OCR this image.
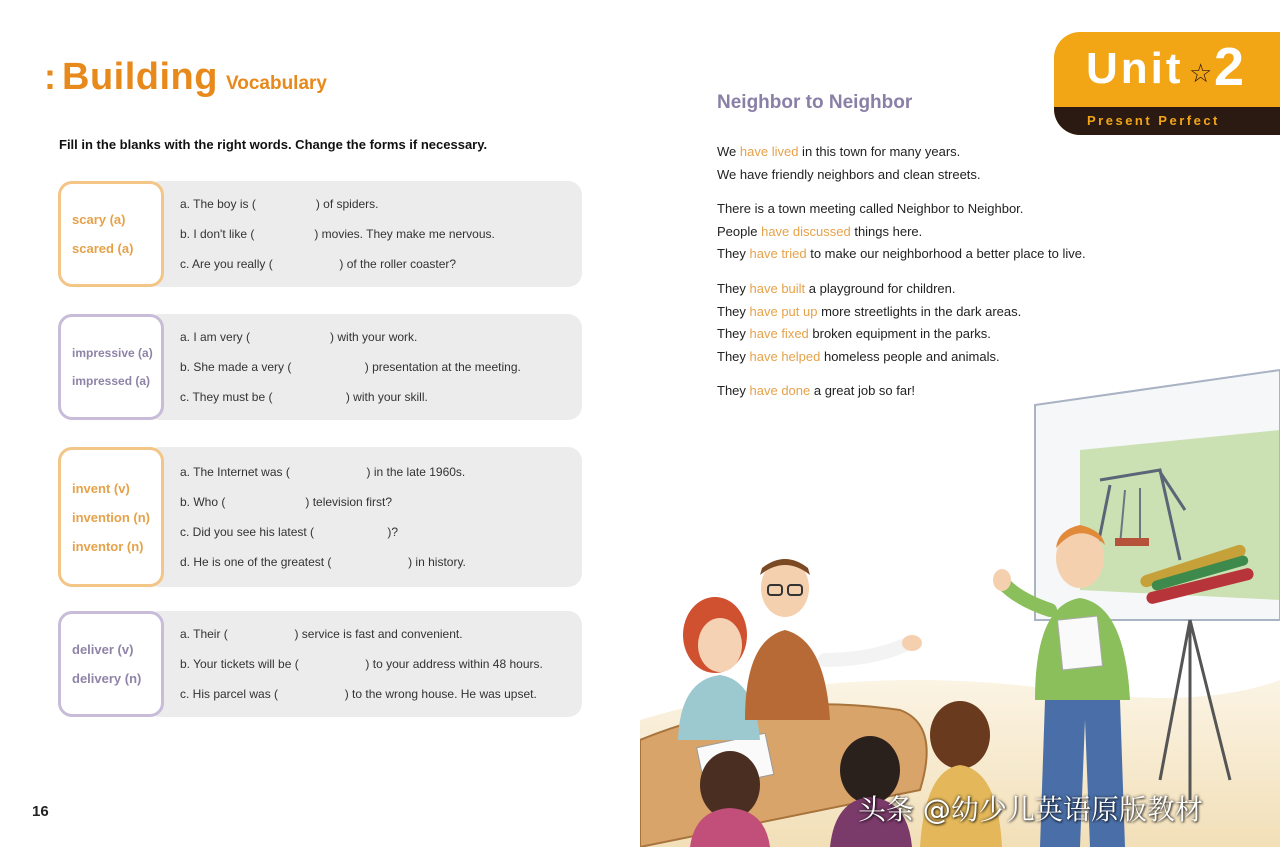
: Building Vocabulary
Fill in the blanks with the right words. Change the forms if necessary.
scary (a)
scared (a)
a. The boy is (                  ) of spiders.
b. I don't like (                  ) movies. They make me nervous.
c. Are you really (                    ) of the roller coaster?
impressive (a)
impressed (a)
a. I am very (                        ) with your work.
b. She made a very (                      ) presentation at the meeting.
c. They must be (                      ) with your skill.
invent (v)
invention (n)
inventor (n)
a. The Internet was (                       ) in the late 1960s.
b. Who (                        ) television first?
c. Did you see his latest (                      )?
d. He is one of the greatest (                       ) in history.
deliver (v)
delivery (n)
a. Their (                    ) service is fast and convenient.
b. Your tickets will be (                    ) to your address within 48 hours.
c. His parcel was (                    ) to the wrong house. He was upset.
16
Unit ☆ 2
Present Perfect
Neighbor to Neighbor
We have lived in this town for many years.
We have friendly neighbors and clean streets.
There is a town meeting called Neighbor to Neighbor.
People have discussed things here.
They have tried to make our neighborhood a better place to live.
They have built a playground for children.
They have put up more streetlights in the dark areas.
They have fixed broken equipment in the parks.
They have helped homeless people and animals.
They have done a great job so far!
头条 @幼少儿英语原版教材
